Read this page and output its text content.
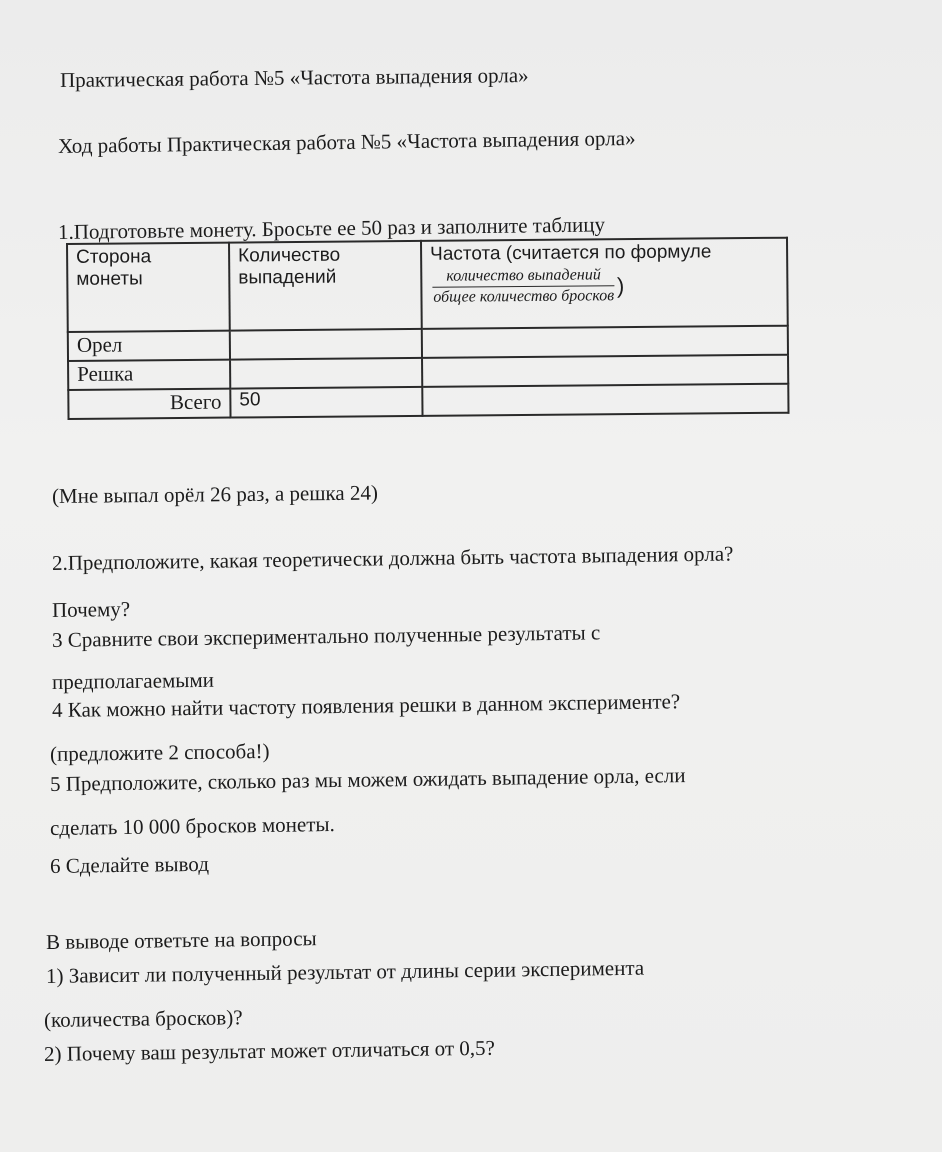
Практическая работа №5 «Частота выпадения орла»
Ход работы Практическая работа №5 «Частота выпадения орла»
1.Подготовьте монету. Бросьте ее 50 раз и заполните таблицу
Сторона монеты	Количество выпадений	Частота (считается по формуле
$\frac{\text{количество выпадений}}{\text{общее количество бросков}}$ )

Орел		
Решка		
Всего	50	
(Мне выпал орёл 26 раз, а решка 24)
2.Предположите, какая теоретически должна быть частота выпадения орла?
Почему?
3 Сравните свои экспериментально полученные результаты с
предполагаемыми
4 Как можно найти частоту появления решки в данном эксперименте?
(предложите 2 способа!)
5 Предположите, сколько раз мы можем ожидать выпадение орла, если
сделать 10 000 бросков монеты.
6 Сделайте вывод
В выводе ответьте на вопросы
1) Зависит ли полученный результат от длины серии эксперимента
(количества бросков)?
2) Почему ваш результат может отличаться от 0,5?
